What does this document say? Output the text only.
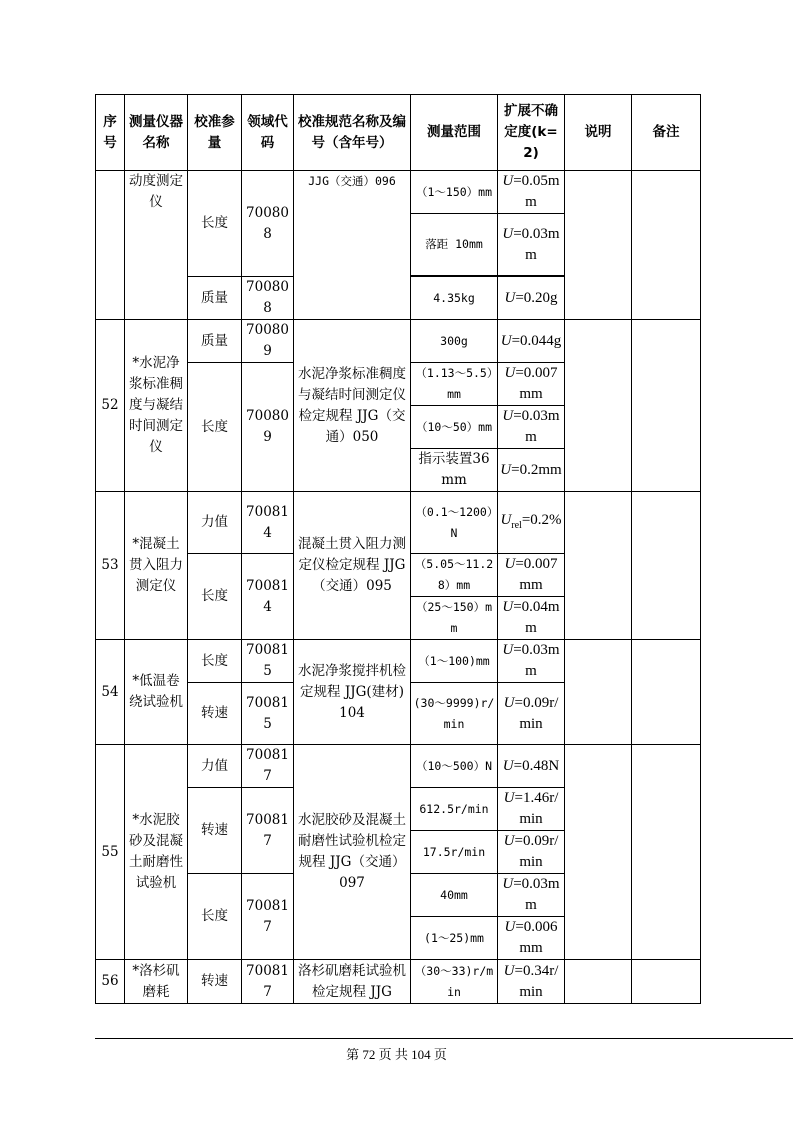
序号	测量仪器名称	校准参量	领域代码	校准规范名称及编号（含年号）	测量范围	扩展不确定度(k=2)	说明	备注
	动度测定仪	长度	700808	JJG（交通）096	（1～150）mm	U=0.05mm		
					落距 10mm	U=0.03mm		

		质量	700808		4.35kg	U=0.20g		
52	*水泥净浆标准稠度与凝结时间测定仪	质量	700809	水泥净浆标准稠度与凝结时间测定仪检定规程 JJG（交通）050	300g	U=0.044g		
		长度	700809		（1.13～5.5）mm	U=0.007mm		
					（10～50）mm	U=0.03mm		
					指示装置36mm	U=0.2mm		
53	*混凝土贯入阻力测定仪	力值	700814	混凝土贯入阻力测定仪检定规程 JJG（交通）095	（0.1～1200）N	$U_{rel}=0.2\%$		
		长度	700814		（5.05～11.28）mm	U=0.007mm		
					（25～150）mm	U=0.04mm		
54	*低温卷绕试验机	长度	700815	水泥净浆搅拌机检定规程 JJG(建材)104	（1～100)mm	U=0.03mm		
		转速	700815		(30～9999)r/min	U=0.09r/min		
55	*水泥胶砂及混凝土耐磨性试验机	力值	700817	水泥胶砂及混凝土耐磨性试验机检定规程 JJG（交通）097	（10～500）N	U=0.48N		
		转速	700817		612.5r/min	U=1.46r/min		
					17.5r/min	U=0.09r/min		
		长度	700817		40mm	U=0.03mm		
					(1～25)mm	U=0.006mm		
56	*洛杉矶磨耗	转速	700817	洛杉矶磨耗试验机检定规程 JJG	（30～33)r/min	U=0.34r/min		
第 72 页 共 104 页
